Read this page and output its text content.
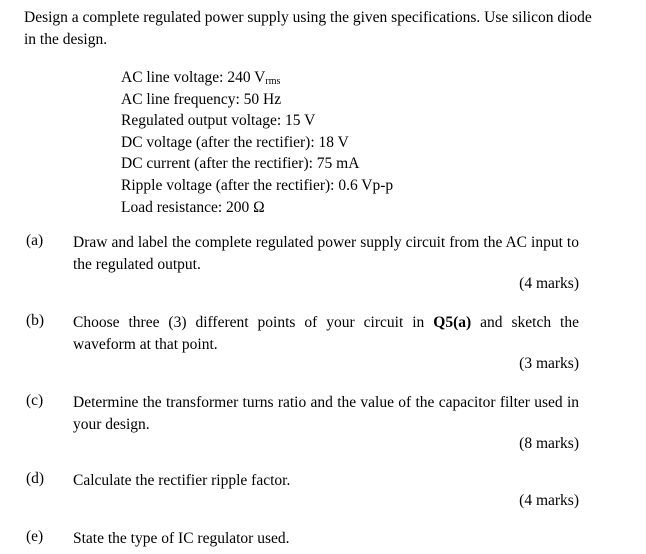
Design a complete regulated power supply using the given specifications. Use silicon diode in the design.
AC line voltage: 240 $V_{rms}$
AC line frequency: 50 Hz
Regulated output voltage: 15 V
DC voltage (after the rectifier): 18 V
DC current (after the rectifier): 75 mA
Ripple voltage (after the rectifier): 0.6 Vp-p
Load resistance: 200 Ω
(a) Draw and label the complete regulated power supply circuit from the AC input to the regulated output.
(4 marks)
(b) Choose three (3) different points of your circuit in Q5(a) and sketch the waveform at that point.
(3 marks)
(c) Determine the transformer turns ratio and the value of the capacitor filter used in your design.
(8 marks)
(d) Calculate the rectifier ripple factor.
(4 marks)
(e) State the type of IC regulator used.
